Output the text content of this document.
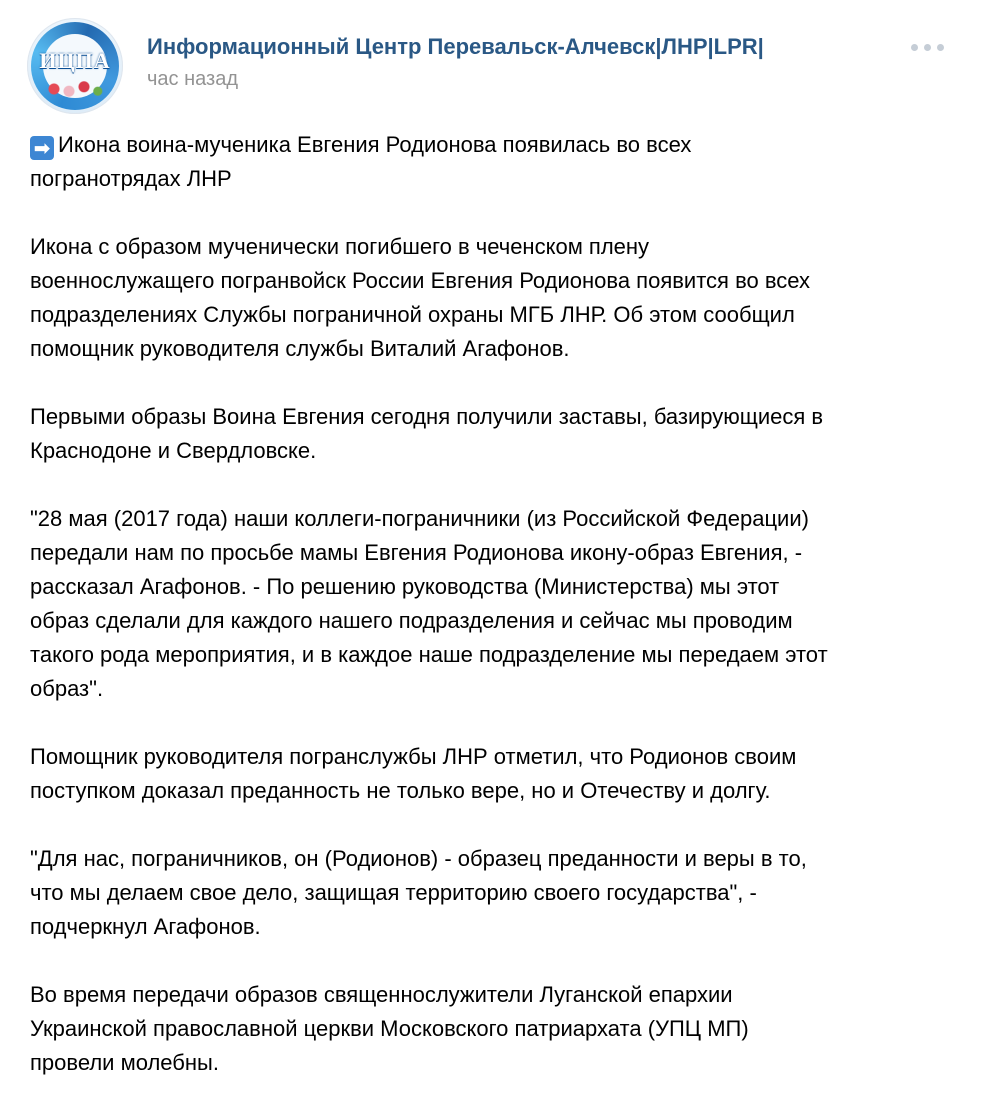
ИЦПА
Информационный Центр Перевальск-Алчевск|ЛНР|LPR|
час назад

➡ Икона воина-мученика Евгения Родионова появилась во всех
погранотрядах ЛНР

Икона с образом мученически погибшего в чеченском плену
военнослужащего погранвойск России Евгения Родионова появится во всех
подразделениях Службы пограничной охраны МГБ ЛНР. Об этом сообщил
помощник руководителя службы Виталий Агафонов.

Первыми образы Воина Евгения сегодня получили заставы, базирующиеся в
Краснодоне и Свердловске.

"28 мая (2017 года) наши коллеги-пограничники (из Российской Федерации)
передали нам по просьбе мамы Евгения Родионова икону-образ Евгения, -
рассказал Агафонов. - По решению руководства (Министерства) мы этот
образ сделали для каждого нашего подразделения и сейчас мы проводим
такого рода мероприятия, и в каждое наше подразделение мы передаем этот
образ".

Помощник руководителя погранслужбы ЛНР отметил, что Родионов своим
поступком доказал преданность не только вере, но и Отечеству и долгу.

"Для нас, пограничников, он (Родионов) - образец преданности и веры в то,
что мы делаем свое дело, защищая территорию своего государства", -
подчеркнул Агафонов.

Во время передачи образов священнослужители Луганской епархии
Украинской православной церкви Московского патриархата (УПЦ МП)
провели молебны.
